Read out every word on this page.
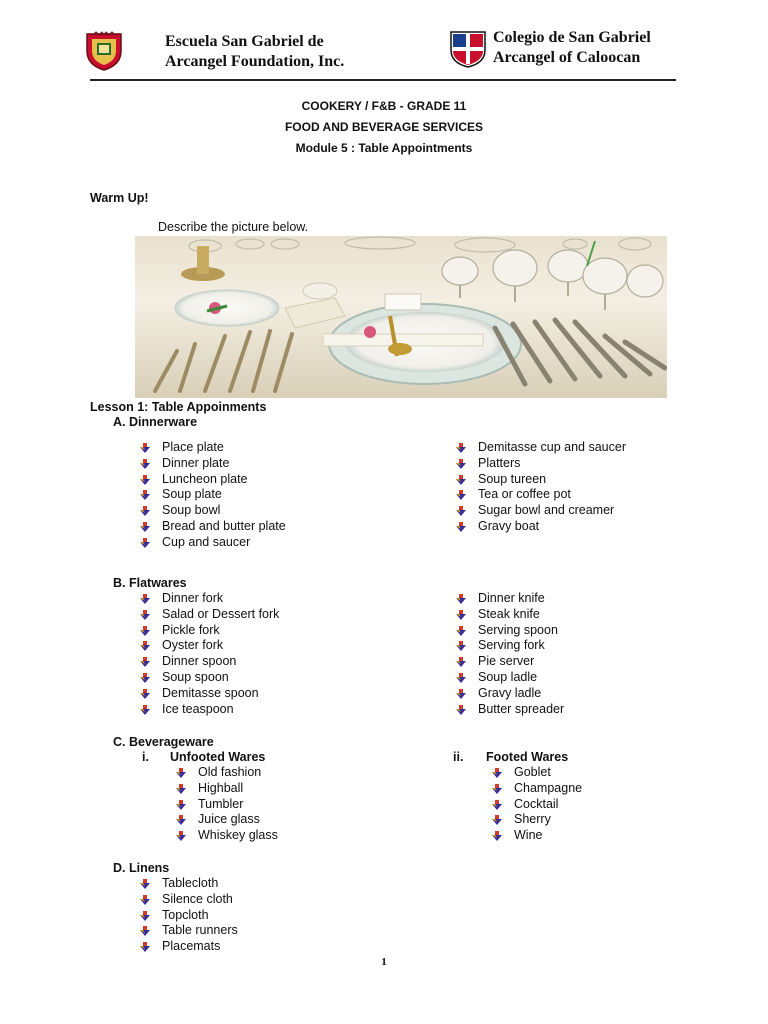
Escuela San Gabriel de
Arcangel Foundation, Inc.
Colegio de San Gabriel
Arcangel of Caloocan
COOKERY / F&B - GRADE 11
FOOD AND BEVERAGE SERVICES
Module 5 : Table Appointments
Warm Up!
Describe the picture below.
Lesson 1: Table Appoinments
A. Dinnerware
Place plate
Dinner plate
Luncheon plate
Soup plate
Soup bowl
Bread and butter plate
Cup and saucer
Demitasse cup and saucer
Platters
Soup tureen
Tea or coffee pot
Sugar bowl and creamer
Gravy boat
B. Flatwares
Dinner fork
Salad or Dessert fork
Pickle fork
Oyster fork
Dinner spoon
Soup spoon
Demitasse spoon
Ice teaspoon
Dinner knife
Steak knife
Serving spoon
Serving fork
Pie server
Soup ladle
Gravy ladle
Butter spreader
C. Beverageware
i. Unfooted Wares
Old fashion
Highball
Tumbler
Juice glass
Whiskey glass
ii. Footed Wares
Goblet
Champagne
Cocktail
Sherry
Wine
D. Linens
Tablecloth
Silence cloth
Topcloth
Table runners
Placemats
1
